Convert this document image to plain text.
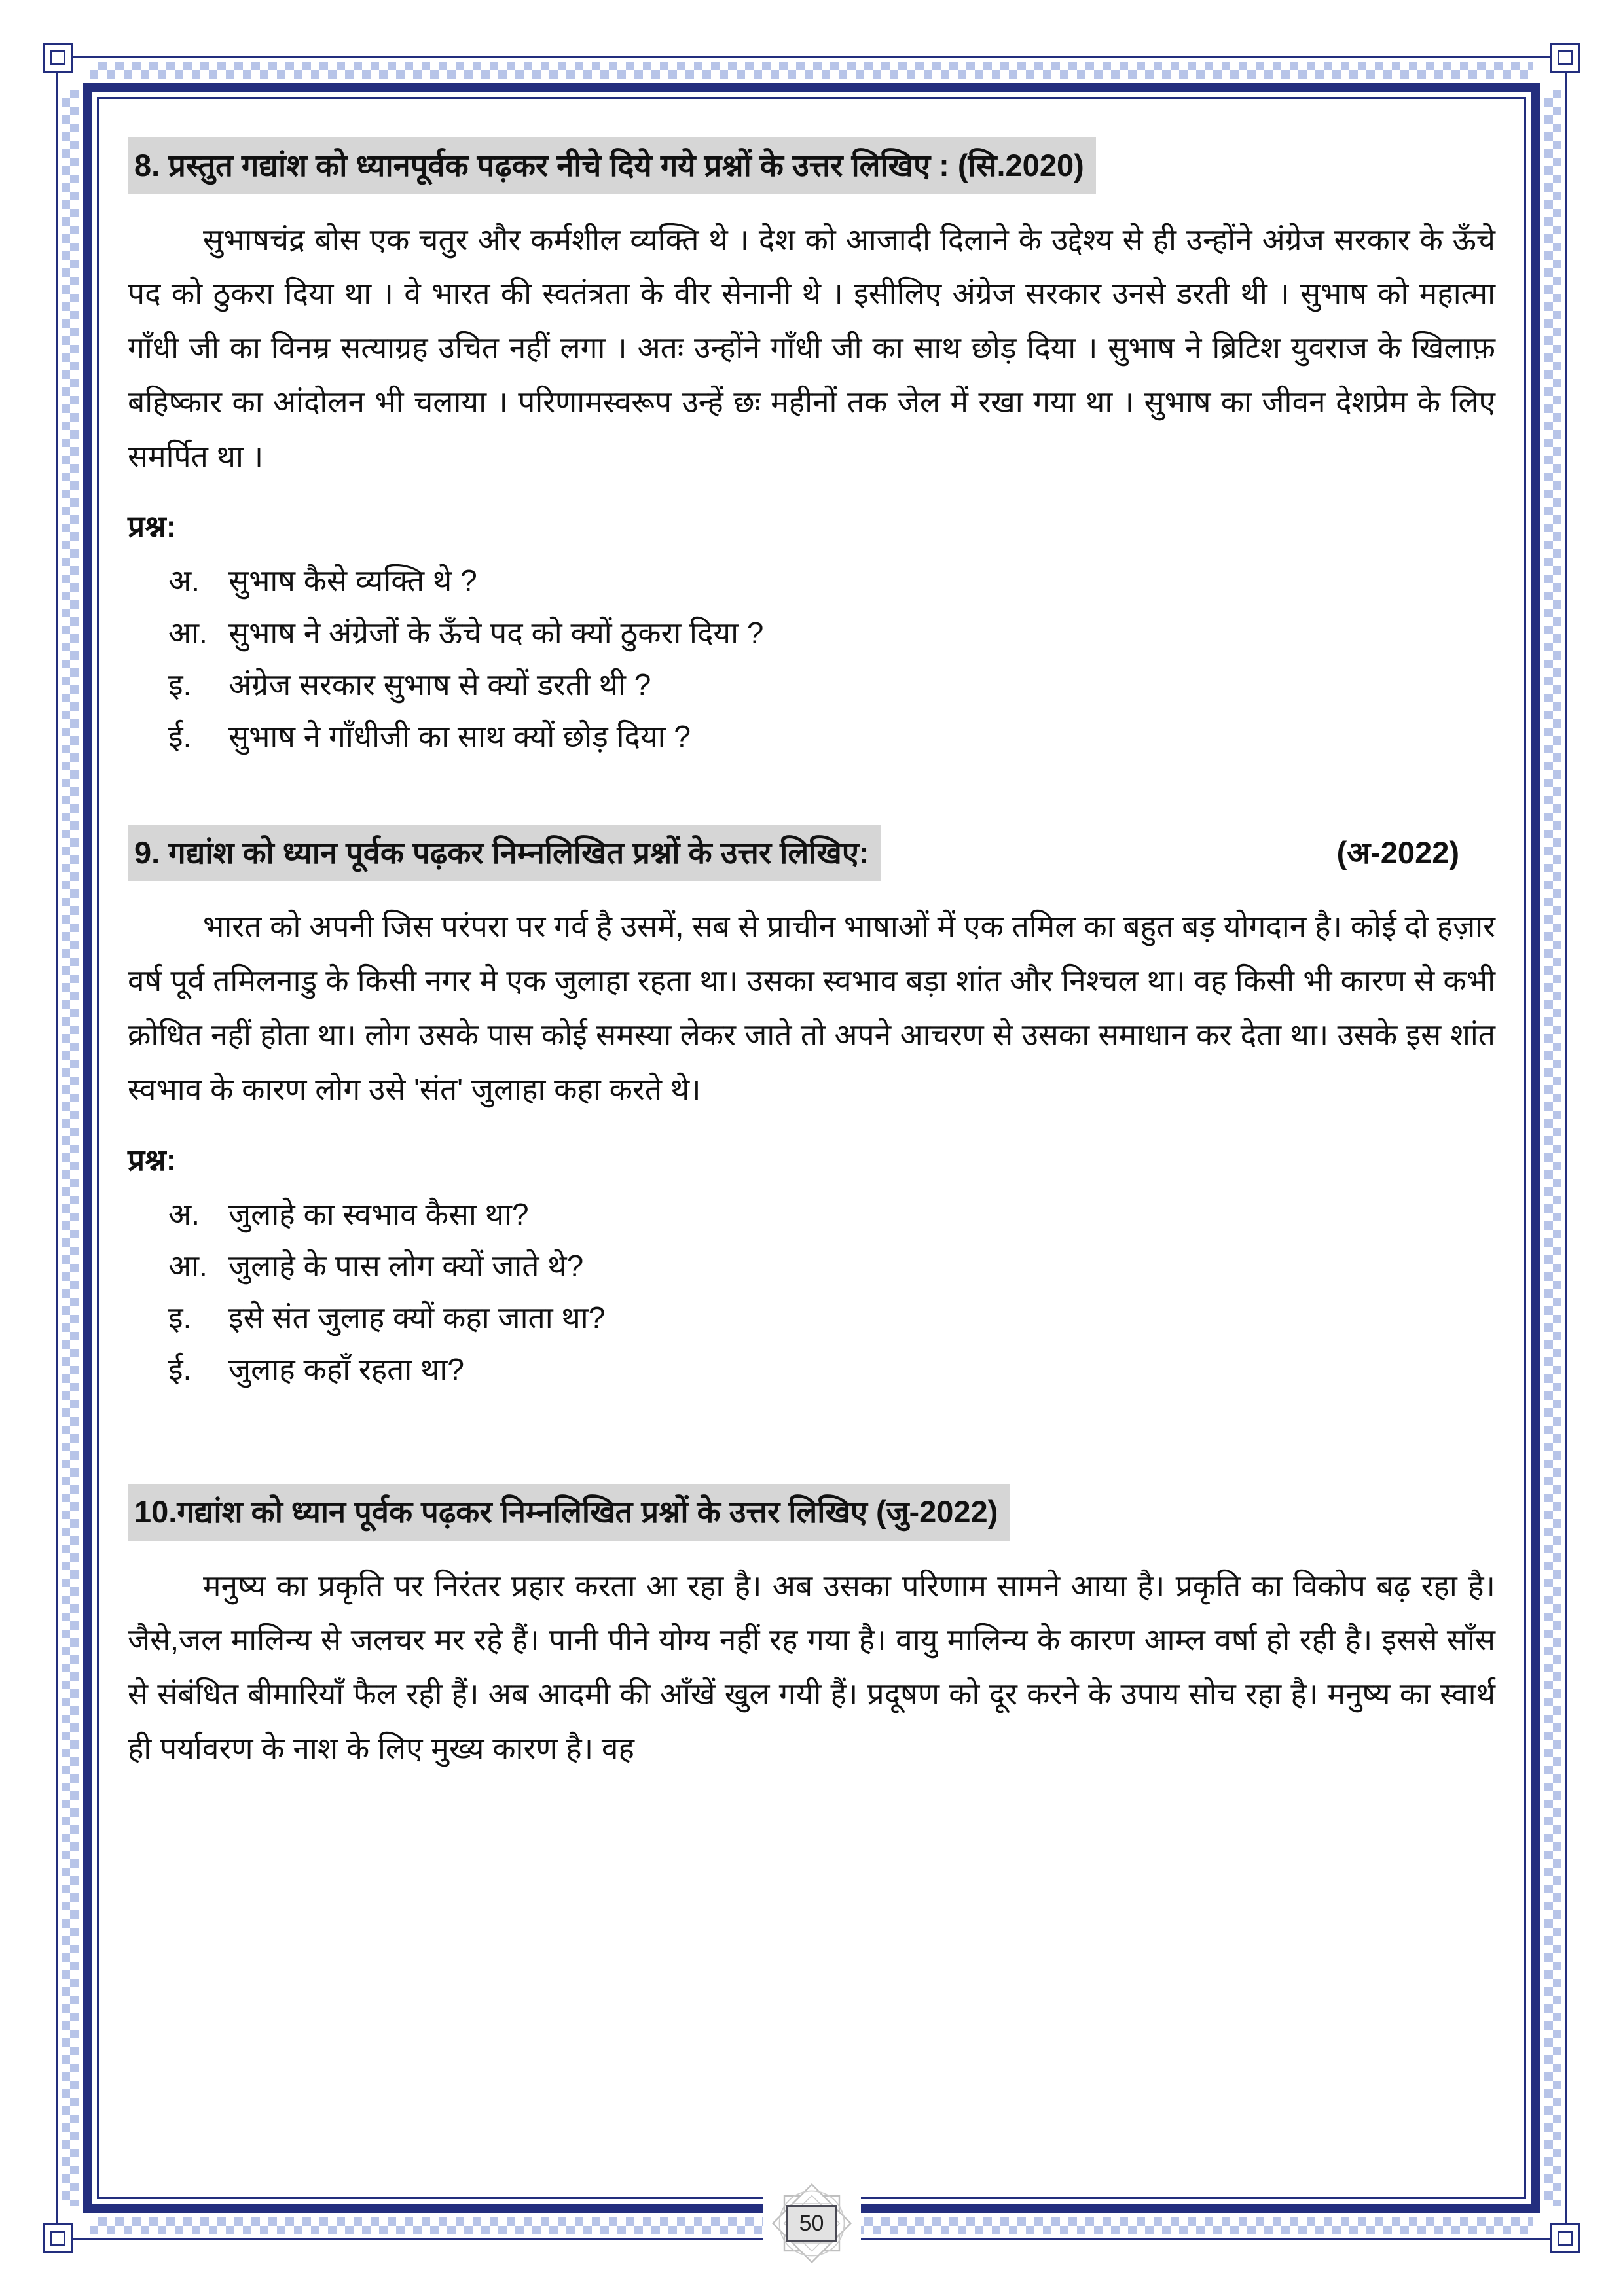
8. प्रस्तुत गद्यांश को ध्यानपूर्वक पढ़कर नीचे दिये गये प्रश्नों के उत्तर लिखिए : (सि.2020)

सुभाषचंद्र बोस एक चतुर और कर्मशील व्यक्ति थे । देश को आजादी दिलाने के उद्देश्य से ही उन्होंने अंग्रेज सरकार के ऊँचे पद को ठुकरा दिया था । वे भारत की स्वतंत्रता के वीर सेनानी थे । इसीलिए अंग्रेज सरकार उनसे डरती थी । सुभाष को महात्मा गाँधी जी का विनम्र सत्याग्रह उचित नहीं लगा । अतः उन्होंने गाँधी जी का साथ छोड़ दिया । सुभाष ने ब्रिटिश युवराज के खिलाफ़ बहिष्कार का आंदोलन भी चलाया । परिणामस्वरूप उन्हें छः महीनों तक जेल में रखा गया था । सुभाष का जीवन देशप्रेम के लिए समर्पित था ।

प्रश्न:

अ. सुभाष कैसे व्यक्ति थे ?
आ. सुभाष ने अंग्रेजों के ऊँचे पद को क्यों ठुकरा दिया ?
इ.	अंग्रेज सरकार सुभाष से क्यों डरती थी ?
ई.	सुभाष ने गाँधीजी का साथ क्यों छोड़ दिया ?
9. गद्यांश को ध्यान पूर्वक पढ़कर निम्नलिखित प्रश्नों के उत्तर लिखिए:	(अ-2022)

भारत को अपनी जिस परंपरा पर गर्व है उसमें, सब से प्राचीन भाषाओं में एक तमिल का बहुत बड़ योगदान है। कोई दो हज़ार वर्ष पूर्व तमिलनाडु के किसी नगर मे एक जुलाहा रहता था। उसका स्वभाव बड़ा शांत और निश्चल था। वह किसी भी कारण से कभी क्रोधित नहीं होता था। लोग उसके पास कोई समस्या लेकर जाते तो अपने आचरण से उसका समाधान कर देता था। उसके इस शांत स्वभाव के कारण लोग उसे 'संत' जुलाहा कहा करते थे।

प्रश्न:

अ. जुलाहे का स्वभाव कैसा था?
आ. जुलाहे के पास लोग क्यों जाते थे?
इ.	इसे संत जुलाह क्यों कहा जाता था?
ई.	जुलाह कहाँ रहता था?
10.गद्यांश को ध्यान पूर्वक पढ़कर निम्नलिखित प्रश्नों के उत्तर लिखिए (जु-2022)

मनुष्य का प्रकृति पर निरंतर प्रहार करता आ रहा है। अब उसका परिणाम सामने आया है। प्रकृति का विकोप बढ़ रहा है। जैसे,जल मालिन्य से जलचर मर रहे हैं। पानी पीने योग्य नहीं रह गया है। वायु मालिन्य के कारण आम्ल वर्षा हो रही है। इससे साँस से संबंधित बीमारियाँ फैल रही हैं। अब आदमी की आँखें खुल गयी हैं। प्रदूषण को दूर करने के उपाय सोच रहा है। मनुष्य का स्वार्थ ही पर्यावरण के नाश के लिए मुख्य कारण है। वह

50
